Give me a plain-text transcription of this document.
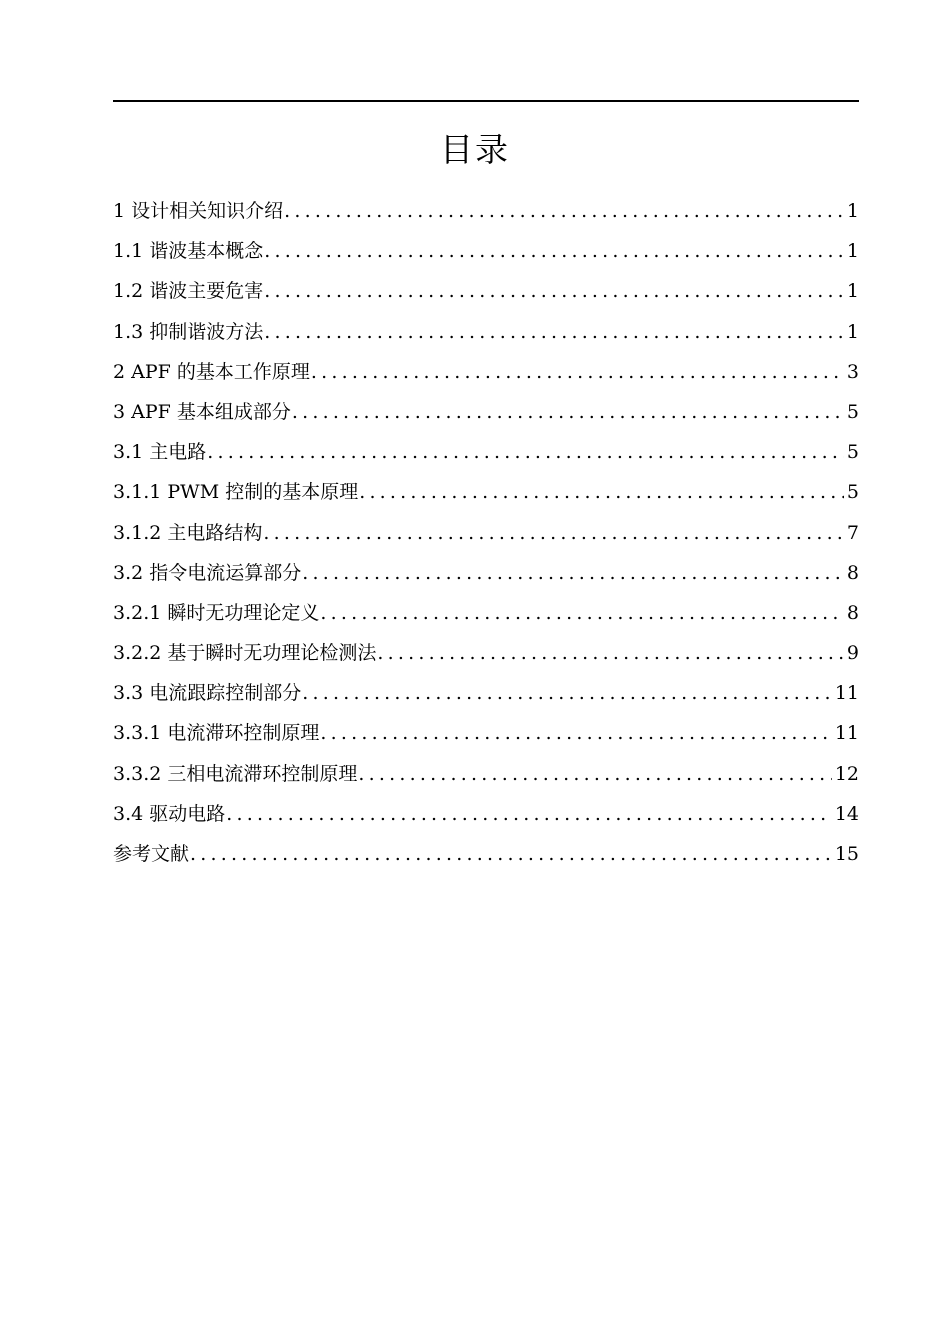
目录
1 设计相关知识介绍 .....	1
1.1 谐波基本概念 .....	1
1.2 谐波主要危害 .....	1
1.3 抑制谐波方法 .....	1
2 APF 的基本工作原理 .....	3
3 APF 基本组成部分 .....	5
3.1 主电路 .....	5
3.1.1 PWM 控制的基本原理 .....	5
3.1.2 主电路结构 .....	7
3.2 指令电流运算部分 .....	8
3.2.1 瞬时无功理论定义 .....	8
3.2.2 基于瞬时无功理论检测法 .....	9
3.3 电流跟踪控制部分 .....	11
3.3.1 电流滞环控制原理 .....	11
3.3.2 三相电流滞环控制原理 .....	12
3.4 驱动电路 .....	14
参考文献 .....	15
